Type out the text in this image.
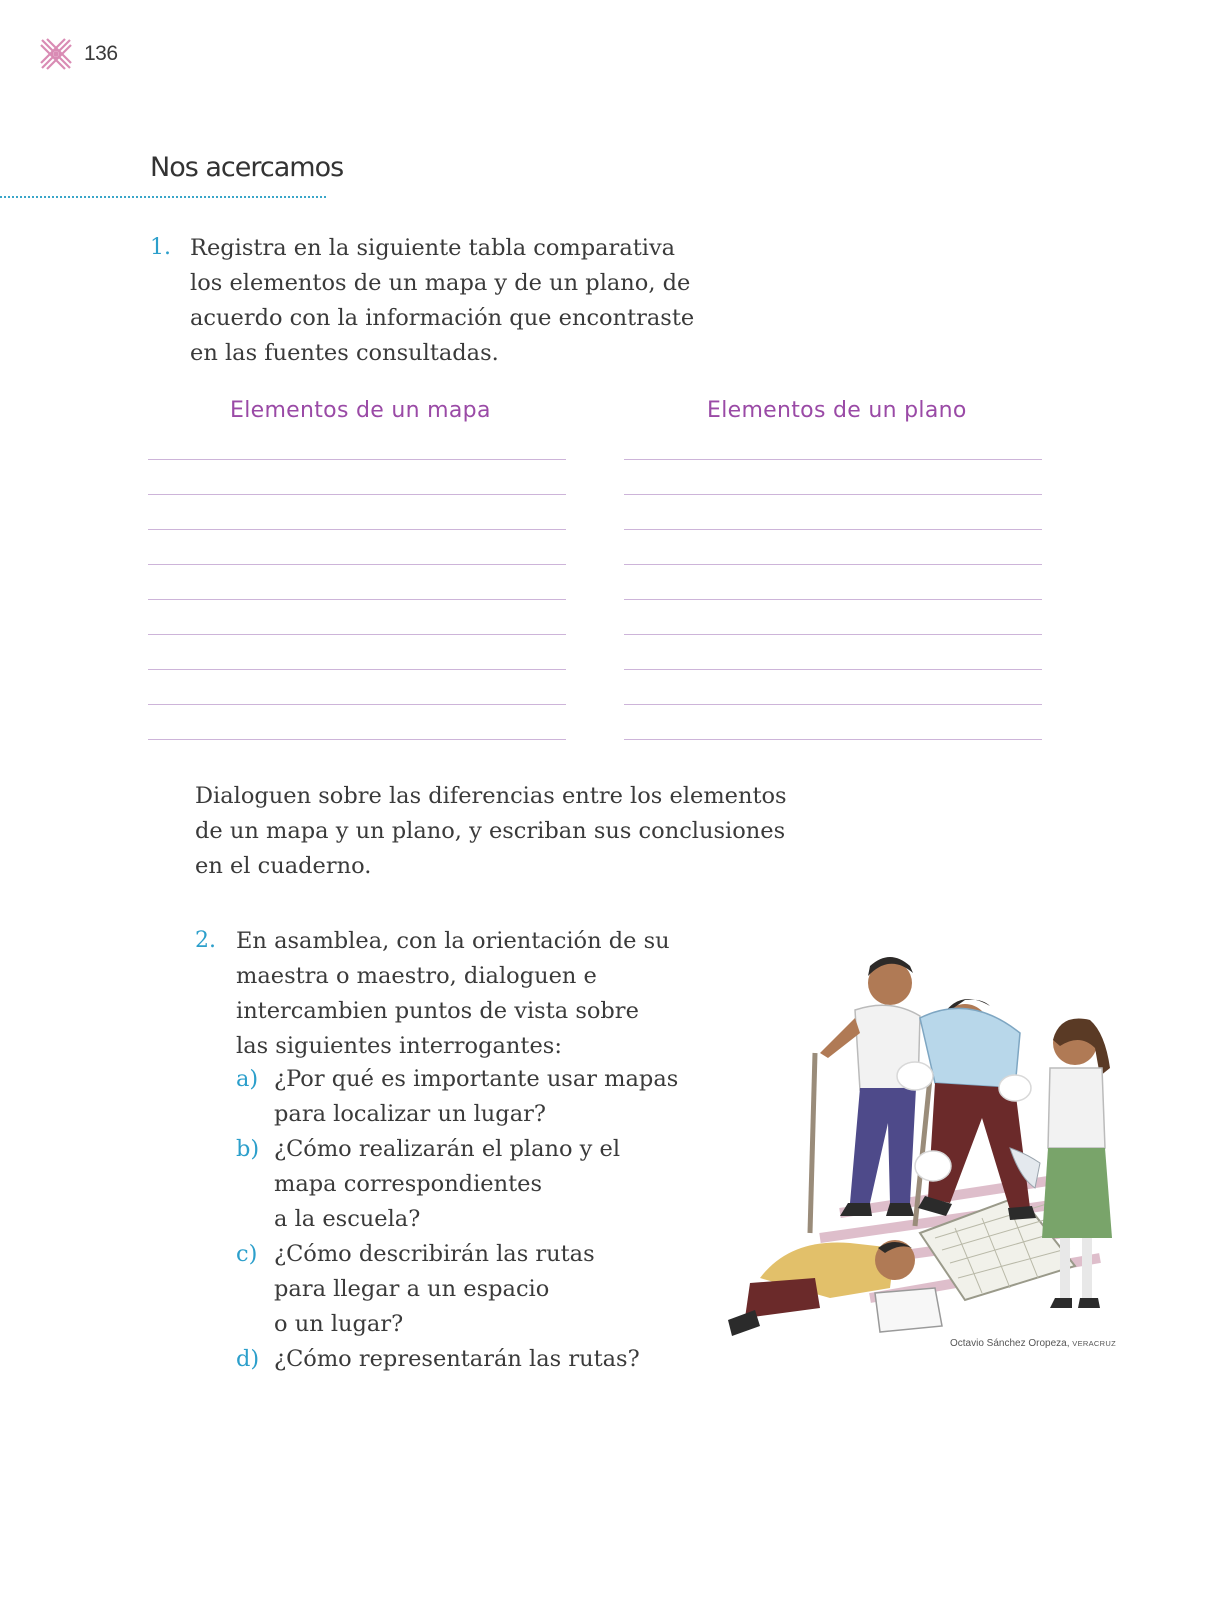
136
Nos acercamos
1. Registra en la siguiente tabla comparativa
los elementos de un mapa y de un plano, de
acuerdo con la información que encontraste
en las fuentes consultadas.

Elementos de un mapa	Elementos de un plano

Dialoguen sobre las diferencias entre los elementos
de un mapa y un plano, y escriban sus conclusiones
en el cuaderno.

2. En asamblea, con la orientación de su
maestra o maestro, dialoguen e
intercambien puntos de vista sobre
las siguientes interrogantes:

a) ¿Por qué es importante usar mapas
para localizar un lugar?
b) ¿Cómo realizarán el plano y el
mapa correspondientes
a la escuela?
c) ¿Cómo describirán las rutas
para llegar a un espacio
o un lugar?
d) ¿Cómo representarán las rutas?
Octavio Sánchez Oropeza, VERACRUZ
